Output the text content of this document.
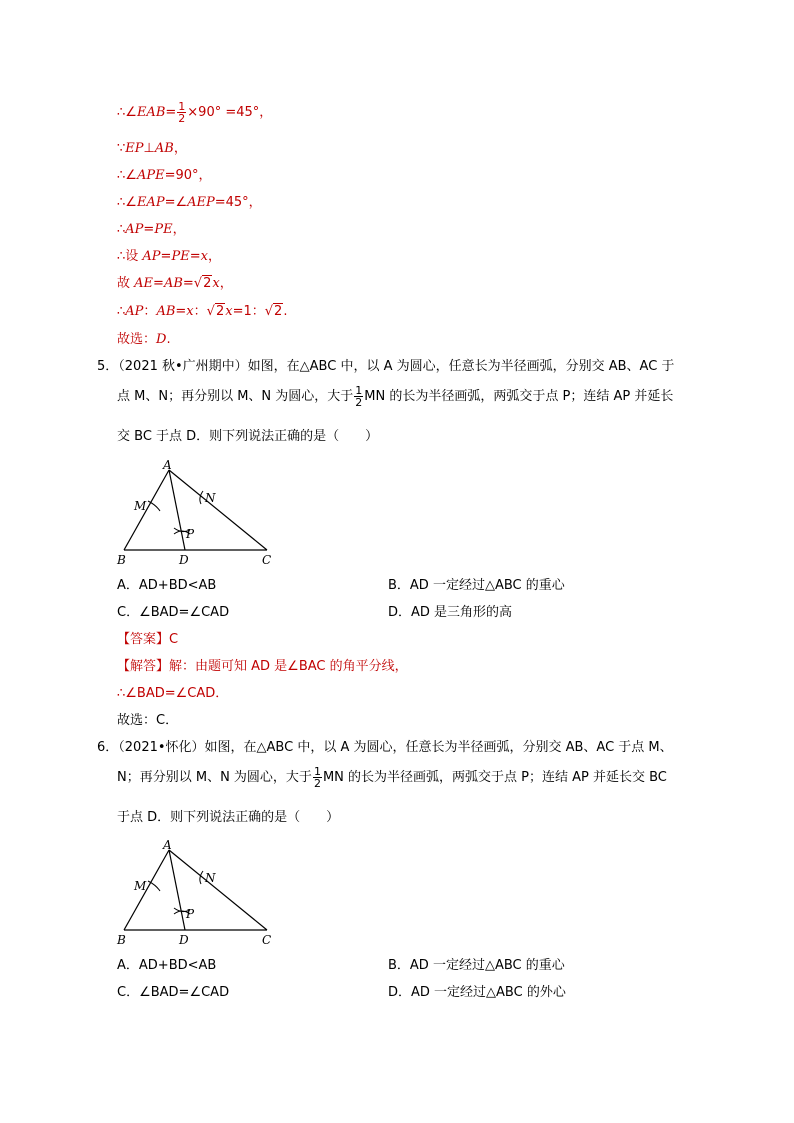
∴∠EAB= $\frac{1}{2} \times 90^\circ =45^\circ$，
∵EP⊥AB，
∴∠APE=90°，
∴∠EAP=∠AEP=45°，
∴AP=PE，
∴设 AP=PE=x，
故 AE=AB=√2x，
∴AP：AB=x：√2x=1：√2.
故选：D.
5．（2021 秋•广州期中）如图，在△ABC 中，以 A 为圆心，任意长为半径画弧，分别交 AB、AC 于
点 M、N；再分别以 M、N 为圆心，大于 $\frac{1}{2}$ MN 的长为半径画弧，两弧交于点 P；连结 AP 并延长
交 BC 于点 D．则下列说法正确的是（　　）
A
B	C
D
M
N
P
A．AD+BD<AB	B．AD 一定经过△ABC 的重心
C．∠BAD=∠CAD	D．AD 是三角形的高
【答案】C
【解答】解：由题可知 AD 是∠BAC 的角平分线，
∴∠BAD=∠CAD．
故选：C．
6．（2021•怀化）如图，在△ABC 中，以 A 为圆心，任意长为半径画弧，分别交 AB、AC 于点 M、
N；再分别以 M、N 为圆心，大于 $\frac{1}{2}$ MN 的长为半径画弧，两弧交于点 P；连结 AP 并延长交 BC
于点 D．则下列说法正确的是（　　）
A
B	C
D
M
N
P
A．AD+BD<AB	B．AD 一定经过△ABC 的重心
C．∠BAD=∠CAD	D．AD 一定经过△ABC 的外心
